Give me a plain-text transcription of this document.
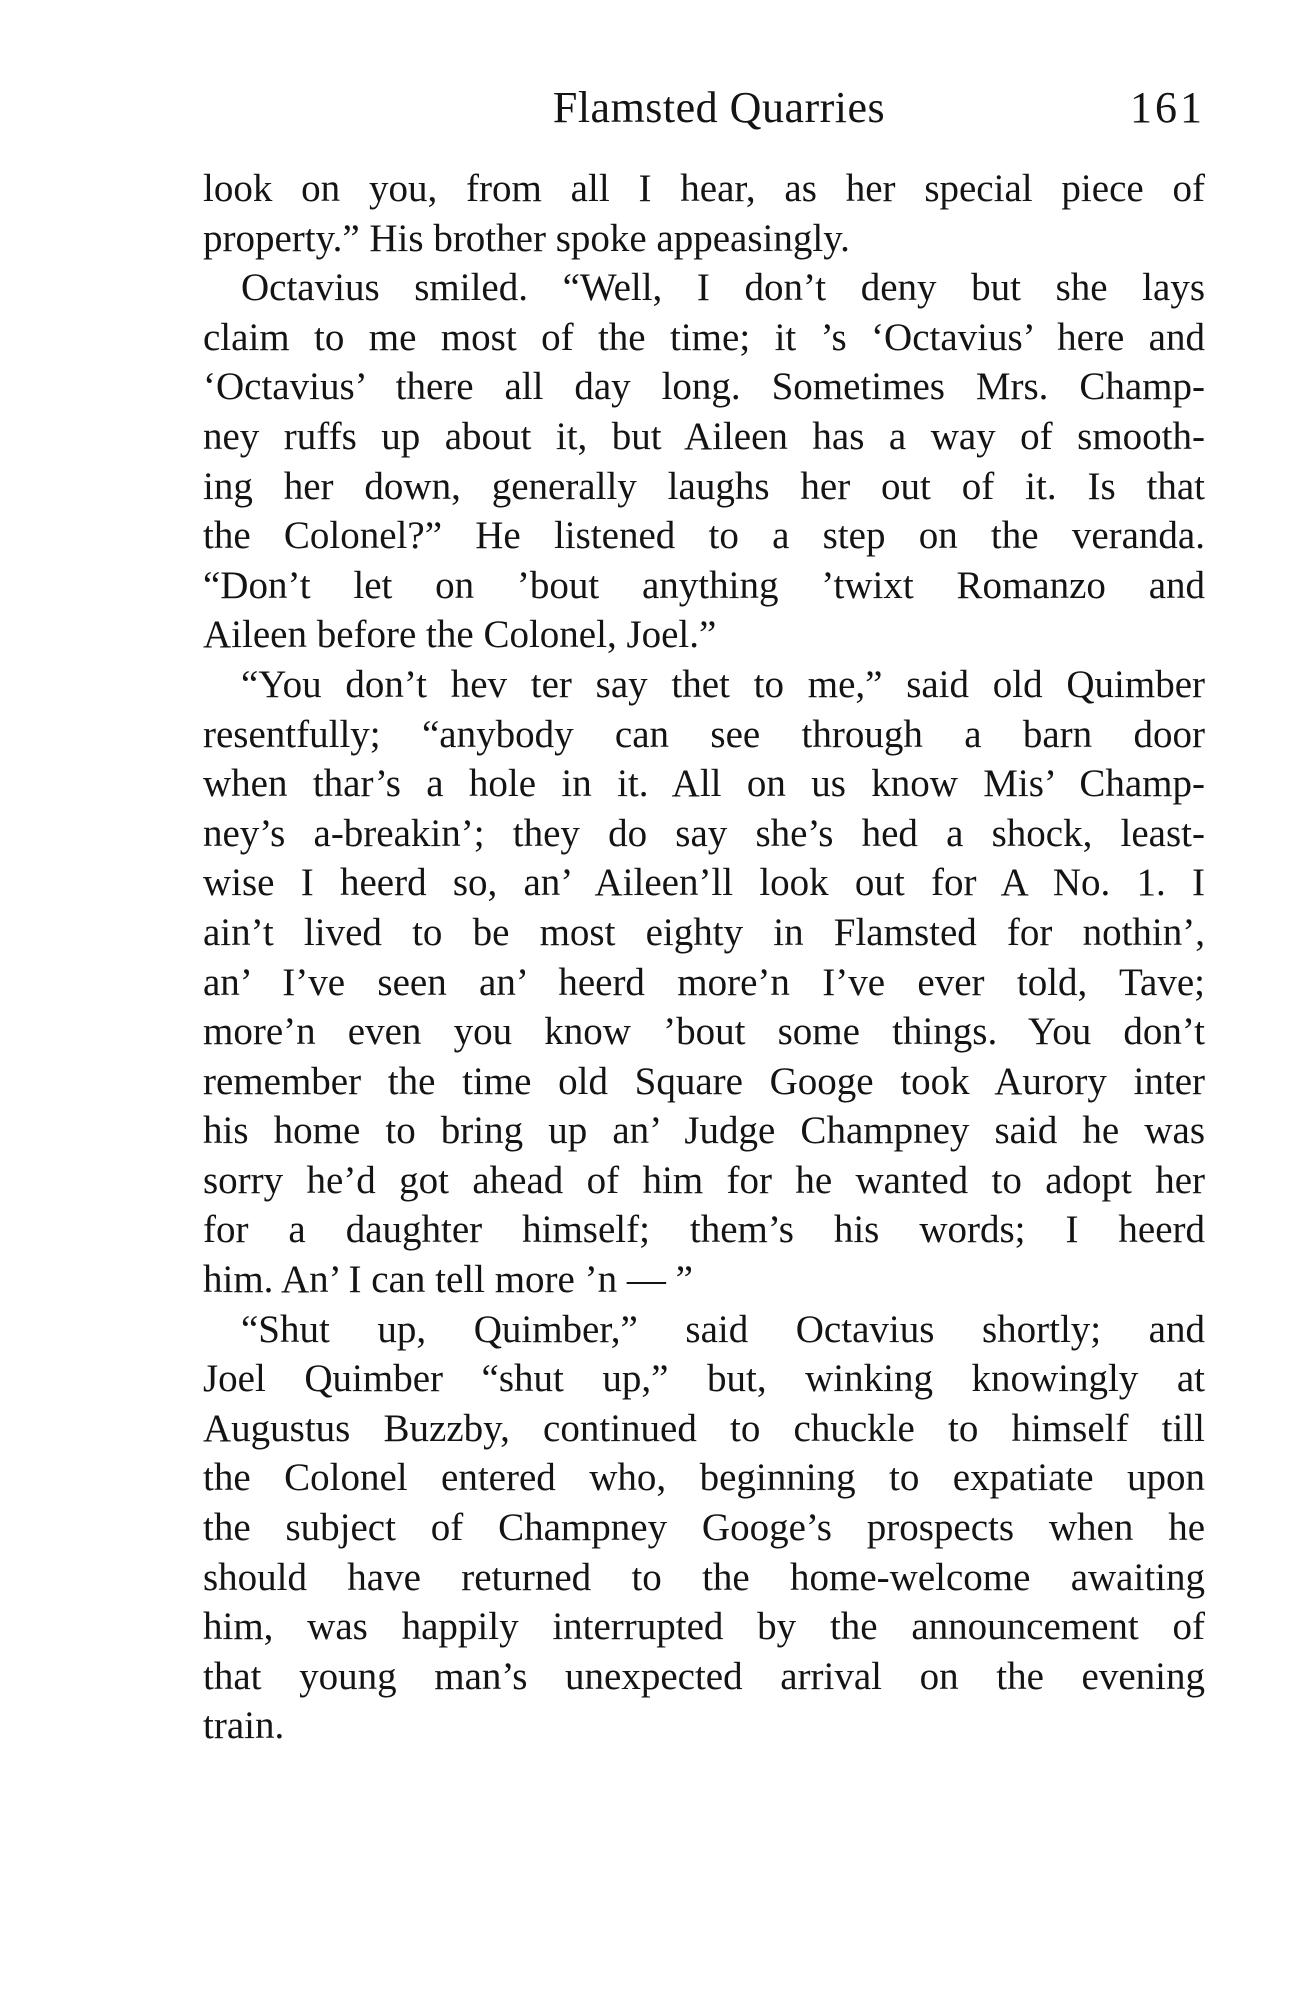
Flamsted Quarries	161
look on you, from all I hear, as her special piece of
property.” His brother spoke appeasingly.
Octavius smiled. “Well, I don’t deny but she lays
claim to me most of the time; it ’s ‘Octavius’ here and
‘Octavius’ there all day long. Sometimes Mrs. Champ-
ney ruffs up about it, but Aileen has a way of smooth-
ing her down, generally laughs her out of it. Is that
the Colonel?” He listened to a step on the veranda.
“Don’t let on ’bout anything ’twixt Romanzo and
Aileen before the Colonel, Joel.”
“You don’t hev ter say thet to me,” said old Quimber
resentfully; “anybody can see through a barn door
when thar’s a hole in it. All on us know Mis’ Champ-
ney’s a-breakin’; they do say she’s hed a shock, least-
wise I heerd so, an’ Aileen’ll look out for A No. 1. I
ain’t lived to be most eighty in Flamsted for nothin’,
an’ I’ve seen an’ heerd more’n I’ve ever told, Tave;
more’n even you know ’bout some things. You don’t
remember the time old Square Googe took Aurory inter
his home to bring up an’ Judge Champney said he was
sorry he’d got ahead of him for he wanted to adopt her
for a daughter himself; them’s his words; I heerd
him. An’ I can tell more ’n — ”
“Shut up, Quimber,” said Octavius shortly; and
Joel Quimber “shut up,” but, winking knowingly at
Augustus Buzzby, continued to chuckle to himself till
the Colonel entered who, beginning to expatiate upon
the subject of Champney Googe’s prospects when he
should have returned to the home-welcome awaiting
him, was happily interrupted by the announcement of
that young man’s unexpected arrival on the evening
train.
